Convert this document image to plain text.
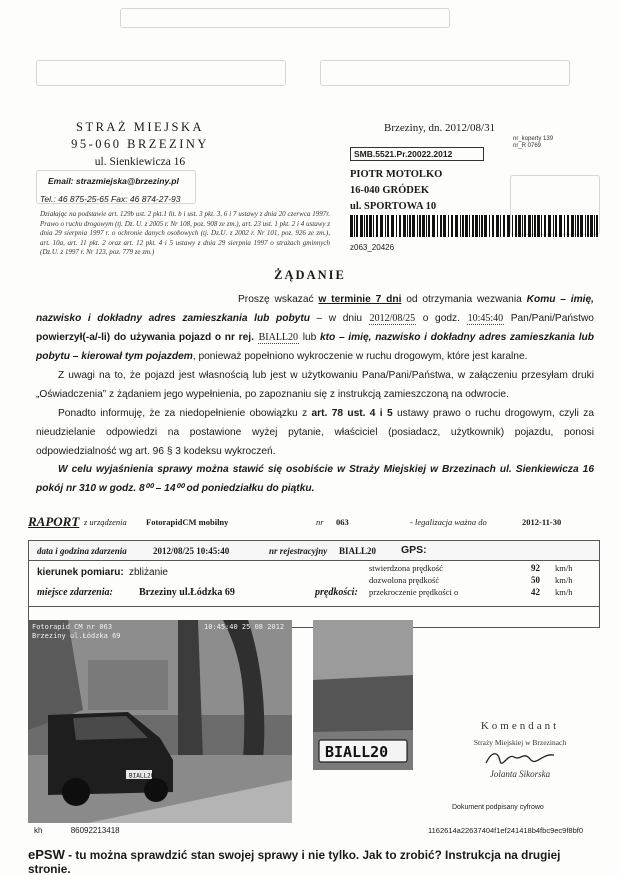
STRAŻ MIEJSKA
95-060 BRZEZINY
ul. Sienkiewicza 16
Email: strazmiejska@brzeziny.pl
Tel.: 46 875-25-65 Fax: 46 874-27-93
Brzeziny, dn. 2012/08/31
nr_koperty 139
nr_R 0769
SMB.5521.Pr.20022.2012
PIOTR MOTOLKO
16-040 GRÓDEK
ul. SPORTOWA 10
z063_20426
Działając na podstawie art. 129b ust. 2 pkt.1 lit. b i ust. 3 pkt. 3, 6 i 7 ustawy z dnia 20 czerwca 1997r. Prawo o ruchu drogowym (tj. Dz. U. z 2005 r. Nr 108, poz. 908 ze zm.), art. 23 ust. 1 pkt. 2 i 4 ustawy z dnia 29 sierpnia 1997 r. o ochronie danych osobowych (tj. Dz.U. z 2002 r. Nr 101, poz. 926 ze zm.), art. 10a, art. 11 pkt. 2 oraz art. 12 pkt. 4 i 5 ustawy z dnia 29 sierpnia 1997 o strażach gminnych (Dz.U. z 1997 r. Nr 123, poz. 779 ze zm.)
ŻĄDANIE
Proszę wskazać w terminie 7 dni od otrzymania wezwania Komu – imię, nazwisko i dokładny adres zamieszkania lub pobytu – w dniu 2012/08/25 o godz. 10:45:40 Pan/Pani/Państwo powierzył(-a/-li) do używania pojazd o nr rej. BIALL20 lub kto – imię, nazwisko i dokładny adres zamieszkania lub pobytu – kierował tym pojazdem, ponieważ popełniono wykroczenie w ruchu drogowym, które jest karalne.
Z uwagi na to, że pojazd jest własnością lub jest w użytkowaniu Pana/Pani/Państwa, w załączeniu przesyłam druki „Oświadczenia” z żądaniem jego wypełnienia, po zapoznaniu się z instrukcją zamieszczoną na odwrocie.
Ponadto informuję, że za niedopełnienie obowiązku z art. 78 ust. 4 i 5 ustawy prawo o ruchu drogowym, czyli za nieudzielanie odpowiedzi na postawione wyżej pytanie, właściciel (posiadacz, użytkownik) pojazdu, ponosi odpowiedzialność wg art. 96 § 3 kodeksu wykroczeń.
W celu wyjaśnienia sprawy można stawić się osobiście w Straży Miejskiej w Brzezinach ul. Sienkiewicza 16 pokój nr 310 w godz. 8⁰⁰ – 14⁰⁰ od poniedziałku do piątku.
RAPORT z urządzenia FotorapidCM mobilny	nr 063	- legalizacja ważna do	2012-11-30
data i godzina zdarzenia	2012/08/25 10:45:40	nr rejestracyjny BIALL20 GPS:
kierunek pomiaru: zbliżanie
miejsce zdarzenia:	Brzeziny ul.Łódzka 69	prędkości:
stwierdzona prędkość	92 km/h
dozwolona prędkość	50 km/h
przekroczenie prędkości o	42 km/h
BIALL20
Fotorapid CM nr 063
Brzeziny ul.Łódzka 69
10:45:40 25 08 2012
BIALL20
Komendant
Straży Miejskiej w Brzezinach
Jolanta Sikorska
Dokument podpisany cyfrowo
kh	86092213418	1162614a22637404f1ef241418b4fbc9ec9f8bf0
ePSW - tu można sprawdzić stan swojej sprawy i nie tylko. Jak to zrobić? Instrukcja na drugiej stronie.
